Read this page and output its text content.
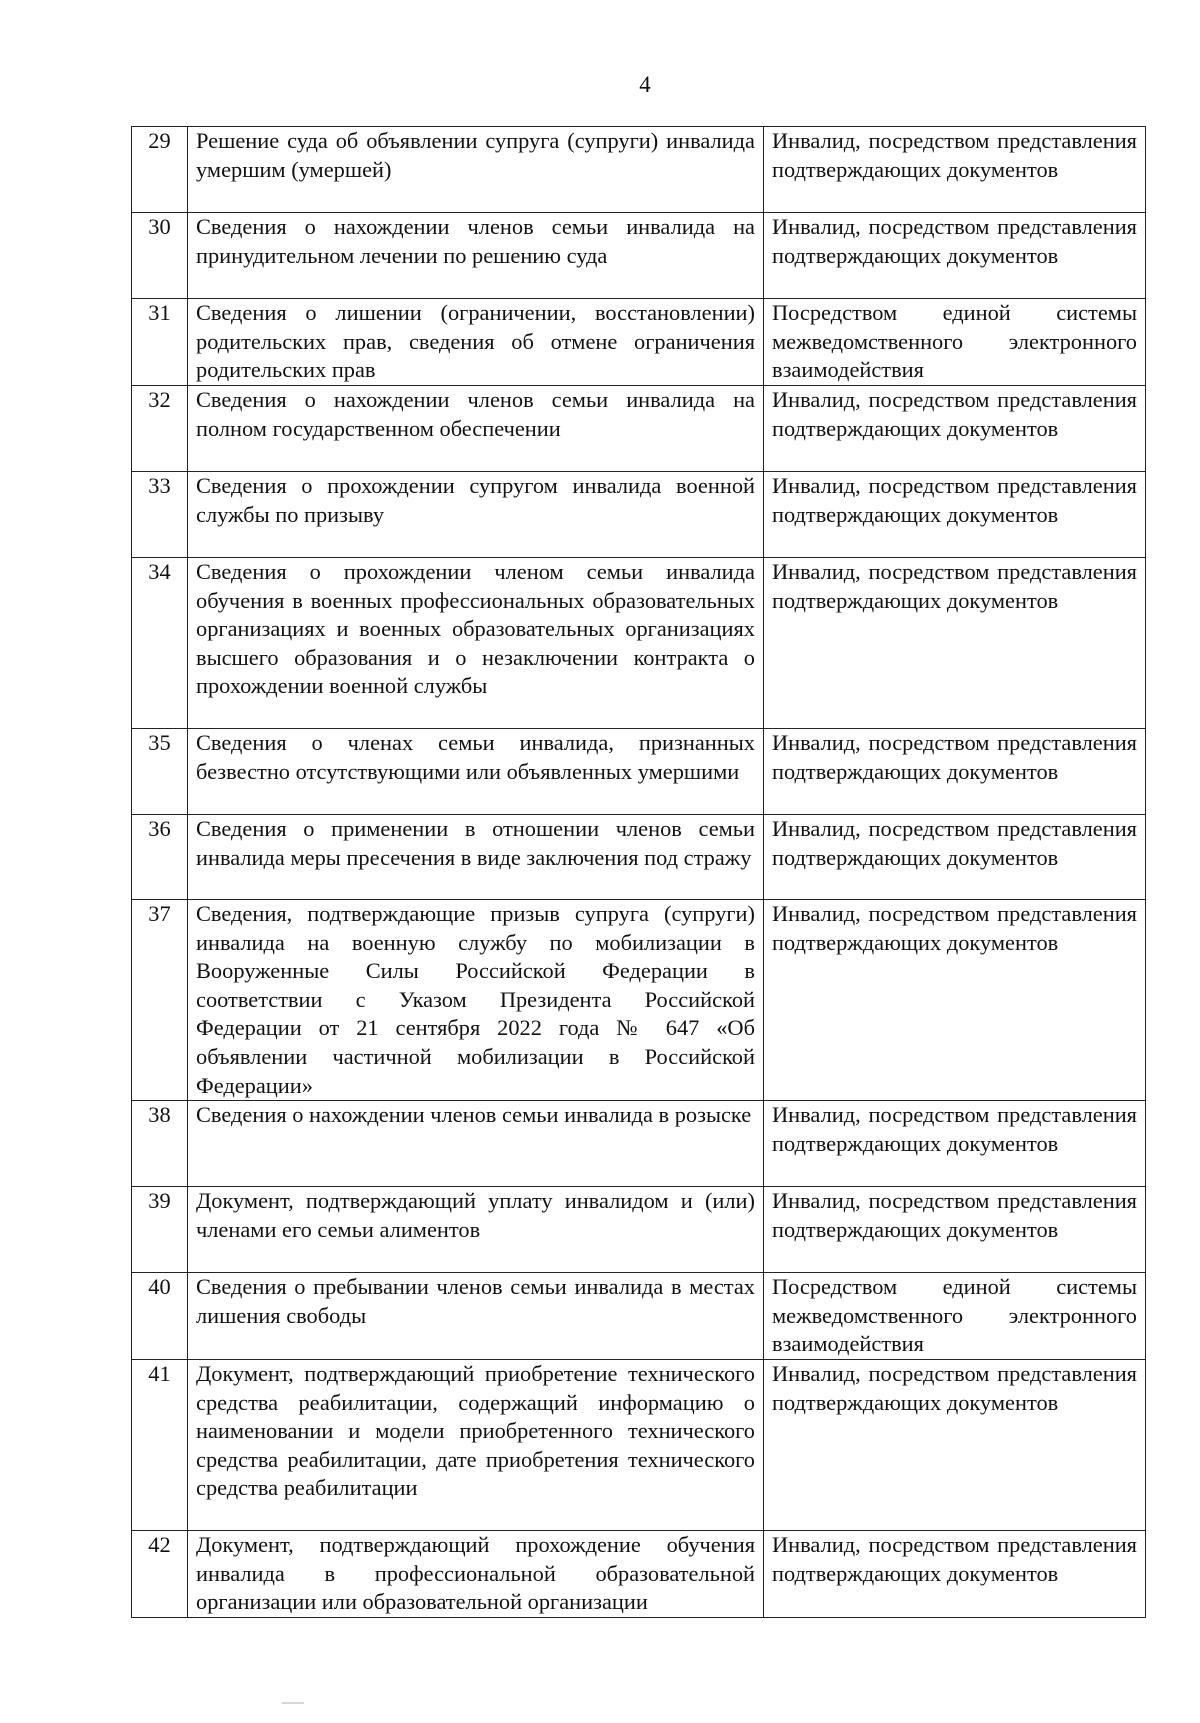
4
29	Решение суда об объявлении супруга (супруги) инвалида умершим (умершей)	Инвалид, посредством представления подтверждающих документов
30	Сведения о нахождении членов семьи инвалида на принудительном лечении по решению суда	Инвалид, посредством представления подтверждающих документов
31	Сведения о лишении (ограничении, восстановлении) родительских прав, сведения об отмене ограничения родительских прав	Посредством единой системы межведомственного электронного взаимодействия
32	Сведения о нахождении членов семьи инвалида на полном государственном обеспечении	Инвалид, посредством представления подтверждающих документов
33	Сведения о прохождении супругом инвалида военной службы по призыву	Инвалид, посредством представления подтверждающих документов
34	Сведения о прохождении членом семьи инвалида обучения в военных профессиональных образовательных организациях и военных образовательных организациях высшего образования и о незаключении контракта о прохождении военной службы	Инвалид, посредством представления подтверждающих документов
35	Сведения о членах семьи инвалида, признанных безвестно отсутствующими или объявленных умершими	Инвалид, посредством представления подтверждающих документов
36	Сведения о применении в отношении членов семьи инвалида меры пресечения в виде заключения под стражу	Инвалид, посредством представления подтверждающих документов
37	Сведения, подтверждающие призыв супруга (супруги) инвалида на военную службу по мобилизации в Вооруженные Силы Российской Федерации в соответствии с Указом Президента Российской Федерации от 21 сентября 2022 года № 647 «Об объявлении частичной мобилизации в Российской Федерации»	Инвалид, посредством представления подтверждающих документов
38	Сведения о нахождении членов семьи инвалида в розыске	Инвалид, посредством представления подтверждающих документов
39	Документ, подтверждающий уплату инвалидом и (или) членами его семьи алиментов	Инвалид, посредством представления подтверждающих документов
40	Сведения о пребывании членов семьи инвалида в местах лишения свободы	Посредством единой системы межведомственного электронного взаимодействия
41	Документ, подтверждающий приобретение технического средства реабилитации, содержащий информацию о наименовании и модели приобретенного технического средства реабилитации, дате приобретения технического средства реабилитации	Инвалид, посредством представления подтверждающих документов
42	Документ, подтверждающий прохождение обучения инвалида в профессиональной образовательной организации или образовательной организации	Инвалид, посредством представления подтверждающих документов
